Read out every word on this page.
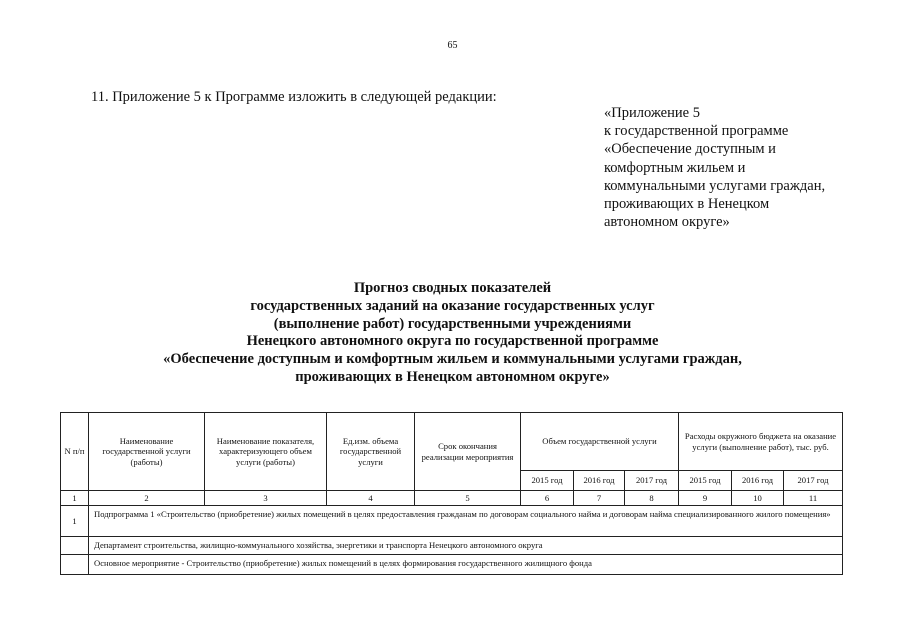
65
11. Приложение 5 к Программе изложить в следующей редакции:
«Приложение 5
к государственной программе
«Обеспечение доступным и
комфортным жильем и
коммунальными услугами граждан,
проживающих в Ненецком
автономном округе»
Прогноз сводных показателей
государственных заданий на оказание государственных услуг
(выполнение работ) государственными учреждениями
Ненецкого автономного округа по государственной программе
«Обеспечение доступным и комфортным жильем и коммунальными услугами граждан,
проживающих в Ненецком автономном округе»
N п/п	Наименование государственной услуги (работы)	Наименование показателя, характеризующего объем услуги (работы)	Ед.изм. объема государственной услуги	Срок окончания реализации мероприятия	Объем государственной услуги			Расходы окружного бюджета на оказание услуги (выполнение работ), тыс. руб.		
					2015 год	2016 год	2017 год	2015 год	2016 год	2017 год
1	2	3	4	5	6	7	8	9	10	11
1	Подпрограмма 1 «Строительство (приобретение) жилых помещений в целях предоставления гражданам по договорам социального найма и договорам найма специализированного жилого помещения»									
	Департамент строительства, жилищно-коммунального хозяйства, энергетики и транспорта Ненецкого автономного округа									
	Основное мероприятие - Строительство (приобретение) жилых помещений в целях формирования государственного жилищного фонда									
